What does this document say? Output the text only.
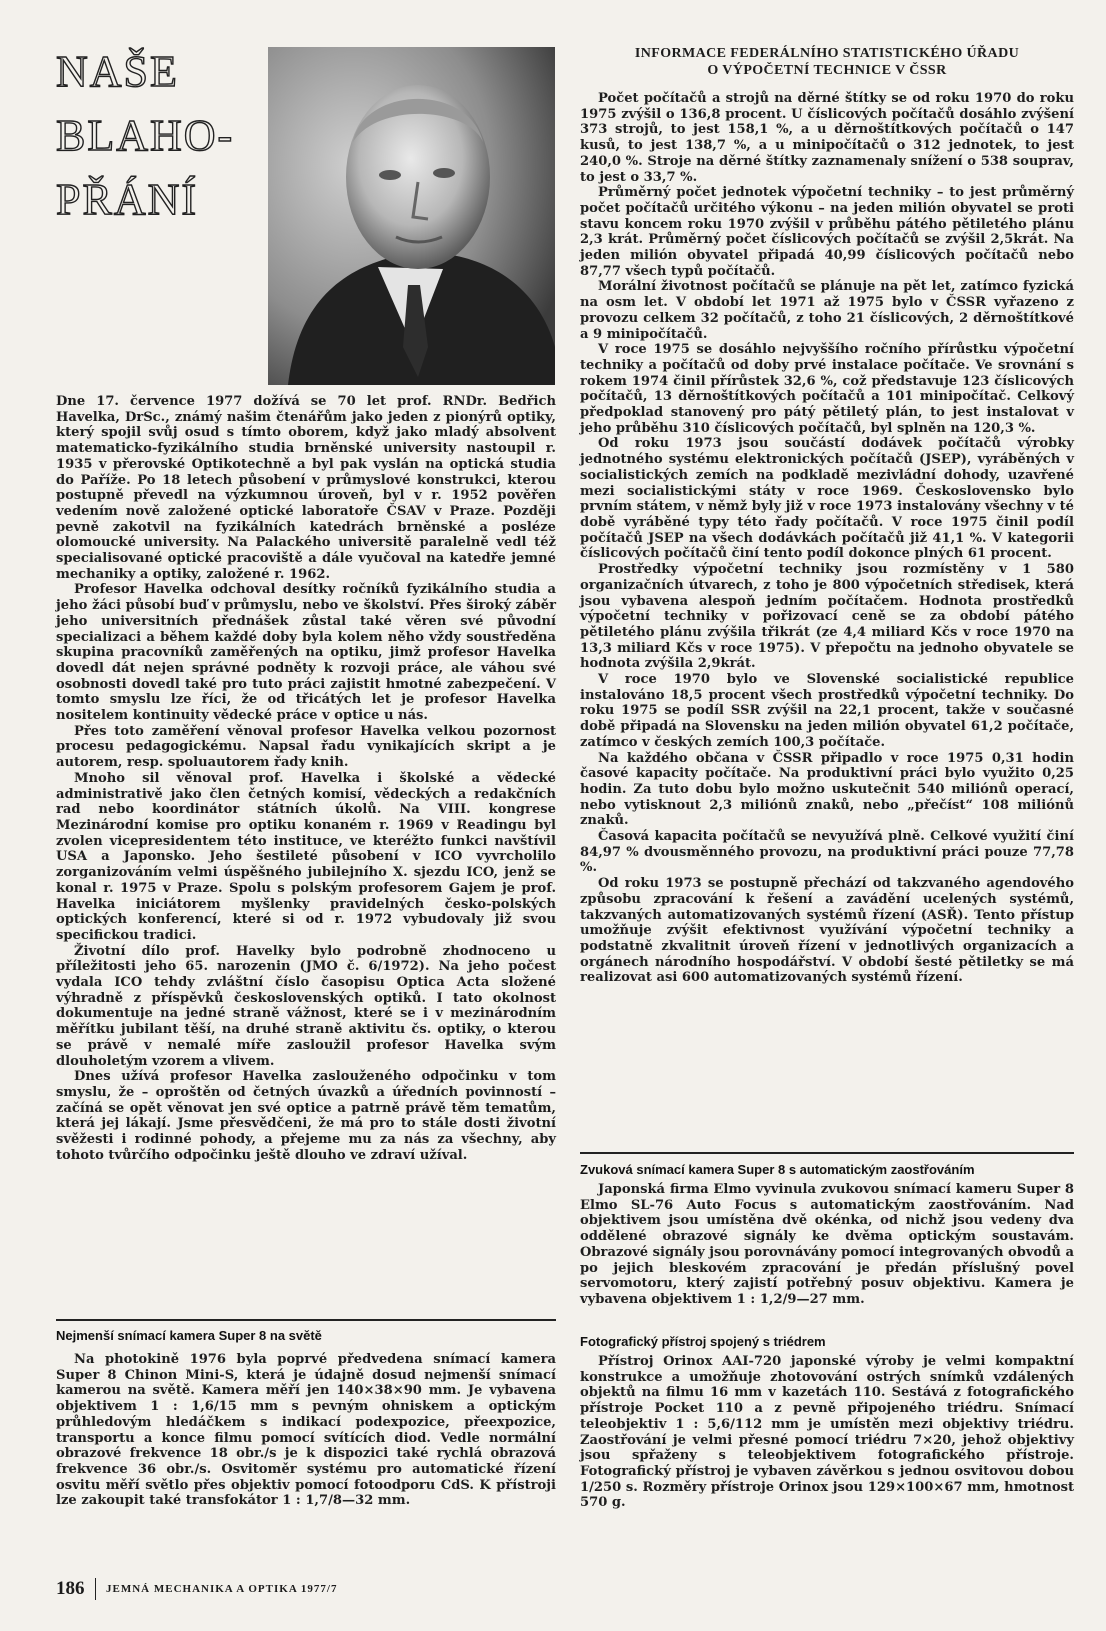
NAŠE
BLAHO-
PŘÁNÍ

Dne 17. července 1977 dožívá se 70 let prof. RNDr. Bedřich Havelka, DrSc., známý našim čtenářům jako jeden z pionýrů optiky, který spojil svůj osud s tímto oborem, když jako mladý absolvent matematicko-fyzikálního studia brněnské university nastoupil r. 1935 v přerovské Optikotechně a byl pak vyslán na optická studia do Paříže. Po 18 letech působení v průmyslové konstrukci, kterou postupně převedl na výzkumnou úroveň, byl v r. 1952 pověřen vedením nově založené optické laboratoře ČSAV v Praze. Později pevně zakotvil na fyzikálních katedrách brněnské a posléze olomoucké university. Na Palackého universitě paralelně vedl též specialisované optické pracoviště a dále vyučoval na katedře jemné mechaniky a optiky, založené r. 1962.

Profesor Havelka odchoval desítky ročníků fyzikálního studia a jeho žáci působí buď v průmyslu, nebo ve školství. Přes široký záběr jeho universitních přednášek zůstal také věren své původní specializaci a během každé doby byla kolem něho vždy soustředěna skupina pracovníků zaměřených na optiku, jimž profesor Havelka dovedl dát nejen správné podněty k rozvoji práce, ale váhou své osobnosti dovedl také pro tuto práci zajistit hmotné zabezpečení. V tomto smyslu lze říci, že od třicátých let je profesor Havelka nositelem kontinuity vědecké práce v optice u nás.

Přes toto zaměření věnoval profesor Havelka velkou pozornost procesu pedagogickému. Napsal řadu vynikajících skript a je autorem, resp. spoluautorem řady knih.

Mnoho sil věnoval prof. Havelka i školské a vědecké administrativě jako člen četných komisí, vědeckých a redakčních rad nebo koordinátor státních úkolů. Na VIII. kongrese Mezinárodní komise pro optiku konaném r. 1969 v Readingu byl zvolen vicepresidentem této instituce, ve kteréžto funkci navštívil USA a Japonsko. Jeho šestileté působení v ICO vyvrcholilo zorganizováním velmi úspěšného jubilejního X. sjezdu ICO, jenž se konal r. 1975 v Praze. Spolu s polským profesorem Gajem je prof. Havelka iniciátorem myšlenky pravidelných česko-polských optických konferencí, které si od r. 1972 vybudovaly již svou specifickou tradici.

Životní dílo prof. Havelky bylo podrobně zhodnoceno u příležitosti jeho 65. narozenin (JMO č. 6/1972). Na jeho počest vydala ICO tehdy zvláštní číslo časopisu Optica Acta složené výhradně z příspěvků československých optiků. I tato okolnost dokumentuje na jedné straně vážnost, které se i v mezinárodním měřítku jubilant těší, na druhé straně aktivitu čs. optiky, o kterou se právě v nemalé míře zasloužil profesor Havelka svým dlouholetým vzorem a vlivem.

Dnes užívá profesor Havelka zaslouženého odpočinku v tom smyslu, že – oproštěn od četných úvazků a úředních povinností – začíná se opět věnovat jen své optice a patrně právě těm tematům, která jej lákají. Jsme přesvědčeni, že má pro to stále dosti životní svěžesti i rodinné pohody, a přejeme mu za nás za všechny, aby tohoto tvůrčího odpočinku ještě dlouho ve zdraví užíval.

Nejmenší snímací kamera Super 8 na světě

Na photokině 1976 byla poprvé předvedena snímací kamera Super 8 Chinon Mini-S, která je údajně dosud nejmenší snímací kamerou na světě. Kamera měří jen 140×38×90 mm. Je vybavena objektivem 1 : 1,6/15 mm s pevným ohniskem a optickým průhledovým hledáčkem s indikací podexpozice, přeexpozice, transportu a konce filmu pomocí svítících diod. Vedle normální obrazové frekvence 18 obr./s je k dispozici také rychlá obrazová frekvence 36 obr./s. Osvitoměr systému pro automatické řízení osvitu měří světlo přes objektiv pomocí fotoodporu CdS. K přístroji lze zakoupit také transfokátor 1 : 1,7/8—32 mm.

INFORMACE FEDERÁLNÍHO STATISTICKÉHO ÚŘADU
O VÝPOČETNÍ TECHNICE V ČSSR

Počet počítačů a strojů na děrné štítky se od roku 1970 do roku 1975 zvýšil o 136,8 procent. U číslicových počítačů dosáhlo zvýšení 373 strojů, to jest 158,1 %, a u děrnoštítkových počítačů o 147 kusů, to jest 138,7 %, a u minipočítačů o 312 jednotek, to jest 240,0 %. Stroje na děrné štítky zaznamenaly snížení o 538 souprav, to jest o 33,7 %.

Průměrný počet jednotek výpočetní techniky – to jest průměrný počet počítačů určitého výkonu – na jeden milión obyvatel se proti stavu koncem roku 1970 zvýšil v průběhu pátého pětiletého plánu 2,3 krát. Průměrný počet číslicových počítačů se zvýšil 2,5krát. Na jeden milión obyvatel připadá 40,99 číslicových počítačů nebo 87,77 všech typů počítačů.

Morální životnost počítačů se plánuje na pět let, zatímco fyzická na osm let. V období let 1971 až 1975 bylo v ČSSR vyřazeno z provozu celkem 32 počítačů, z toho 21 číslicových, 2 děrnoštítkové a 9 minipočítačů.

V roce 1975 se dosáhlo nejvyššího ročního přírůstku výpočetní techniky a počítačů od doby prvé instalace počítače. Ve srovnání s rokem 1974 činil přírůstek 32,6 %, což představuje 123 číslicových počítačů, 13 děrnoštítkových počítačů a 101 minipočítač. Celkový předpoklad stanovený pro pátý pětiletý plán, to jest instalovat v jeho průběhu 310 číslicových počítačů, byl splněn na 120,3 %.

Od roku 1973 jsou součástí dodávek počítačů výrobky jednotného systému elektronických počítačů (JSEP), vyráběných v socialistických zemích na podkladě mezivládní dohody, uzavřené mezi socialistickými státy v roce 1969. Československo bylo prvním státem, v němž byly již v roce 1973 instalovány všechny v té době vyráběné typy této řady počítačů. V roce 1975 činil podíl počítačů JSEP na všech dodávkách počítačů již 41,1 %. V kategorii číslicových počítačů činí tento podíl dokonce plných 61 procent.

Prostředky výpočetní techniky jsou rozmístěny v 1 580 organizačních útvarech, z toho je 800 výpočetních středisek, která jsou vybavena alespoň jedním počítačem. Hodnota prostředků výpočetní techniky v pořizovací ceně se za období pátého pětiletého plánu zvýšila třikrát (ze 4,4 miliard Kčs v roce 1970 na 13,3 miliard Kčs v roce 1975). V přepočtu na jednoho obyvatele se hodnota zvýšila 2,9krát.

V roce 1970 bylo ve Slovenské socialistické republice instalováno 18,5 procent všech prostředků výpočetní techniky. Do roku 1975 se podíl SSR zvýšil na 22,1 procent, takže v současné době připadá na Slovensku na jeden milión obyvatel 61,2 počítače, zatímco v českých zemích 100,3 počítače.

Na každého občana v ČSSR připadlo v roce 1975 0,31 hodin časové kapacity počítače. Na produktivní práci bylo využito 0,25 hodin. Za tuto dobu bylo možno uskutečnit 540 miliónů operací, nebo vytisknout 2,3 miliónů znaků, nebo „přečíst“ 108 miliónů znaků.

Časová kapacita počítačů se nevyužívá plně. Celkové využití činí 84,97 % dvousměnného provozu, na produktivní práci pouze 77,78 %.

Od roku 1973 se postupně přechází od takzvaného agendového způsobu zpracování k řešení a zavádění ucelených systémů, takzvaných automatizovaných systémů řízení (ASŘ). Tento přístup umožňuje zvýšit efektivnost využívání výpočetní techniky a podstatně zkvalitnit úroveň řízení v jednotlivých organizacích a orgánech národního hospodářství. V období šesté pětiletky se má realizovat asi 600 automatizovaných systémů řízení.

Zvuková snímací kamera Super 8 s automatickým zaostřováním

Japonská firma Elmo vyvinula zvukovou snímací kameru Super 8 Elmo SL-76 Auto Focus s automatickým zaostřováním. Nad objektivem jsou umístěna dvě okénka, od nichž jsou vedeny dva oddělené obrazové signály ke dvěma optickým soustavám. Obrazové signály jsou porovnávány pomocí integrovaných obvodů a po jejich bleskovém zpracování je předán příslušný povel servomotoru, který zajistí potřebný posuv objektivu. Kamera je vybavena objektivem 1 : 1,2/9—27 mm.

Fotografický přístroj spojený s triédrem

Přístroj Orinox AAI-720 japonské výroby je velmi kompaktní konstrukce a umožňuje zhotovování ostrých snímků vzdálených objektů na filmu 16 mm v kazetách 110. Sestává z fotografického přístroje Pocket 110 a z pevně připojeného triédru. Snímací teleobjektiv 1 : 5,6/112 mm je umístěn mezi objektivy triédru. Zaostřování je velmi přesné pomocí triédru 7×20, jehož objektivy jsou spřaženy s teleobjektivem fotografického přístroje. Fotografický přístroj je vybaven závěrkou s jednou osvitovou dobou 1/250 s. Rozměry přístroje Orinox jsou 129×100×67 mm, hmotnost 570 g.

186 JEMNÁ MECHANIKA A OPTIKA 1977/7
